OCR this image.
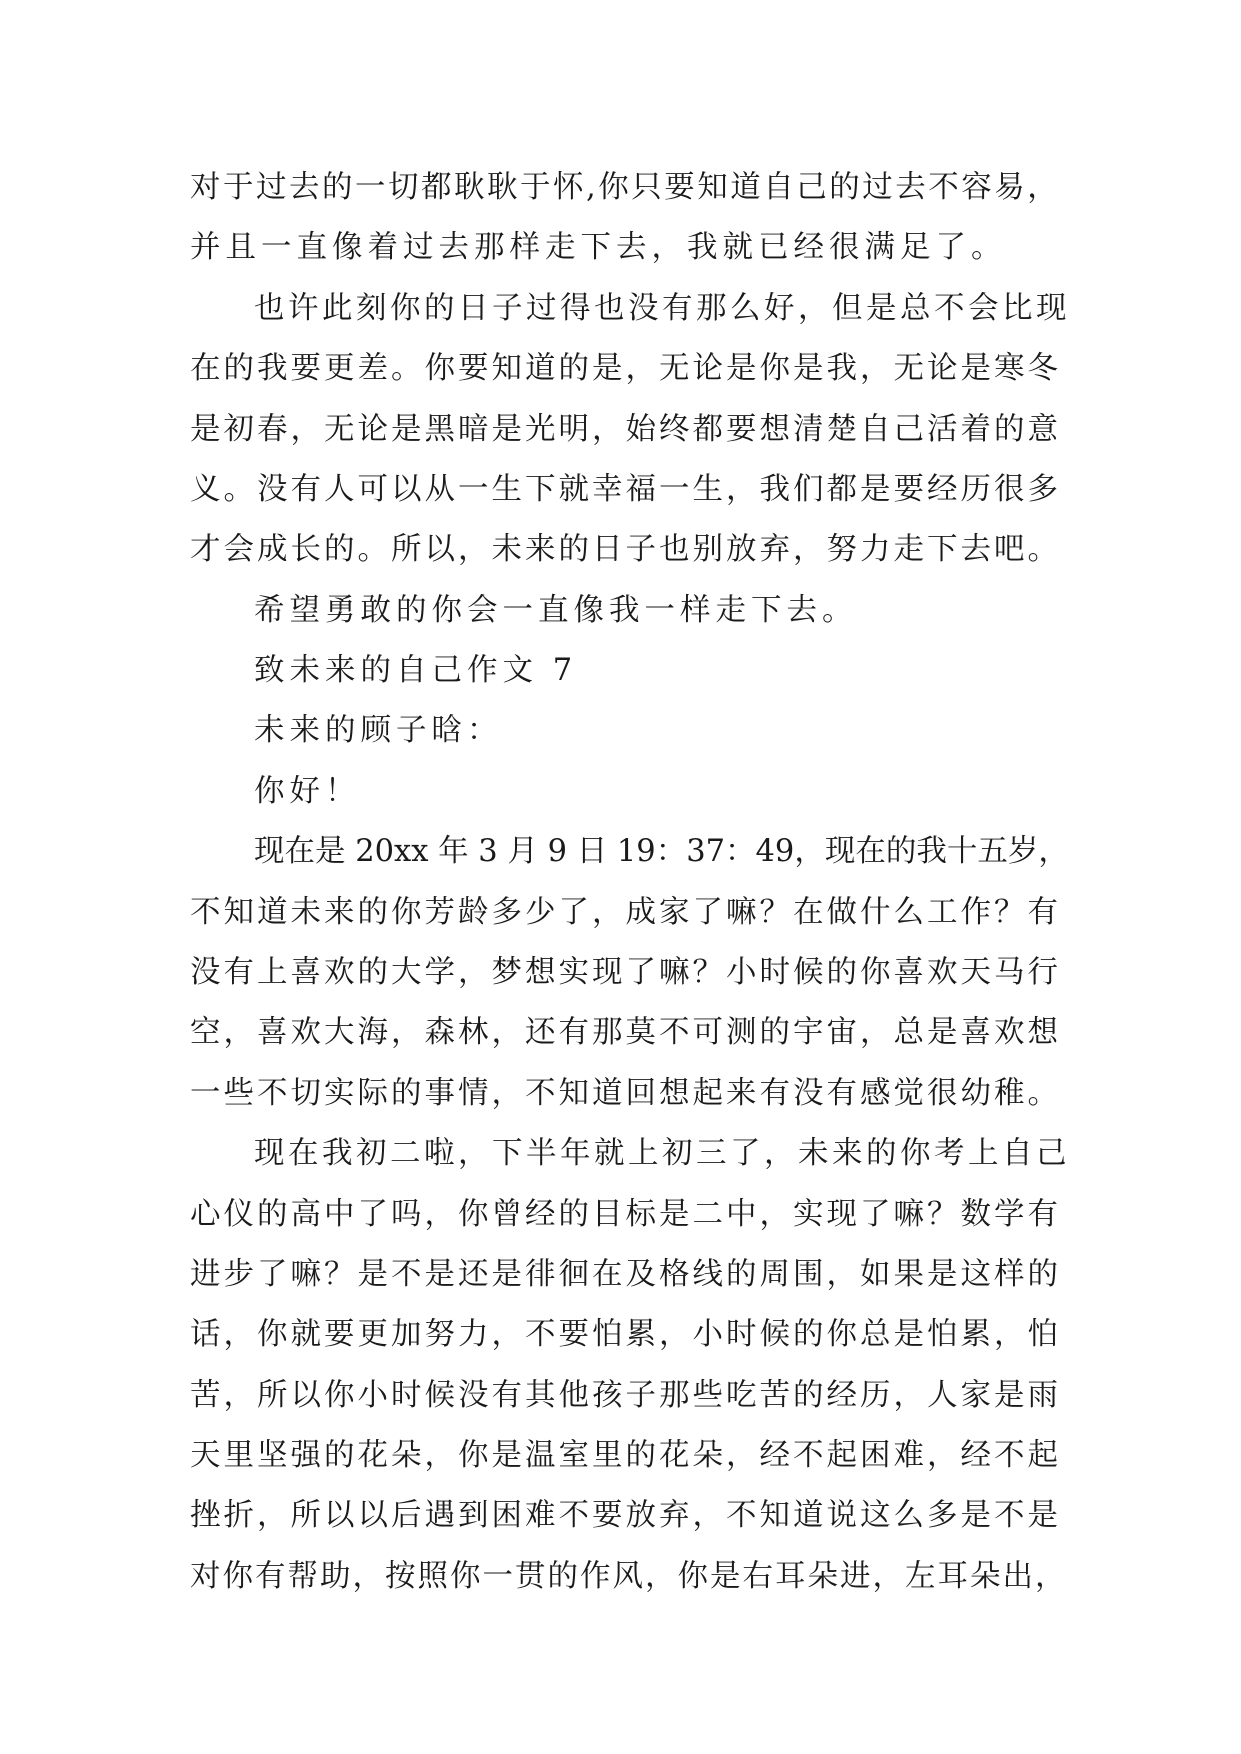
对于过去的一切都耿耿于怀,你只要知道自己的过去不容易，
并且一直像着过去那样走下去，我就已经很满足了。
也许此刻你的日子过得也没有那么好，但是总不会比现
在的我要更差。你要知道的是，无论是你是我，无论是寒冬
是初春，无论是黑暗是光明，始终都要想清楚自己活着的意
义。没有人可以从一生下就幸福一生，我们都是要经历很多
才会成长的。所以，未来的日子也别放弃，努力走下去吧。
希望勇敢的你会一直像我一样走下去。
致未来的自己作文 7
未来的顾子晗：
你好！
现在是 20xx 年 3 月 9 日 19：37：49，现在的我十五岁，
不知道未来的你芳龄多少了，成家了嘛？在做什么工作？有
没有上喜欢的大学，梦想实现了嘛？小时候的你喜欢天马行
空，喜欢大海，森林，还有那莫不可测的宇宙，总是喜欢想
一些不切实际的事情，不知道回想起来有没有感觉很幼稚。
现在我初二啦，下半年就上初三了，未来的你考上自己
心仪的高中了吗，你曾经的目标是二中，实现了嘛？数学有
进步了嘛？是不是还是徘徊在及格线的周围，如果是这样的
话，你就要更加努力，不要怕累，小时候的你总是怕累，怕
苦，所以你小时候没有其他孩子那些吃苦的经历，人家是雨
天里坚强的花朵，你是温室里的花朵，经不起困难，经不起
挫折，所以以后遇到困难不要放弃，不知道说这么多是不是
对你有帮助，按照你一贯的作风，你是右耳朵进，左耳朵出，
